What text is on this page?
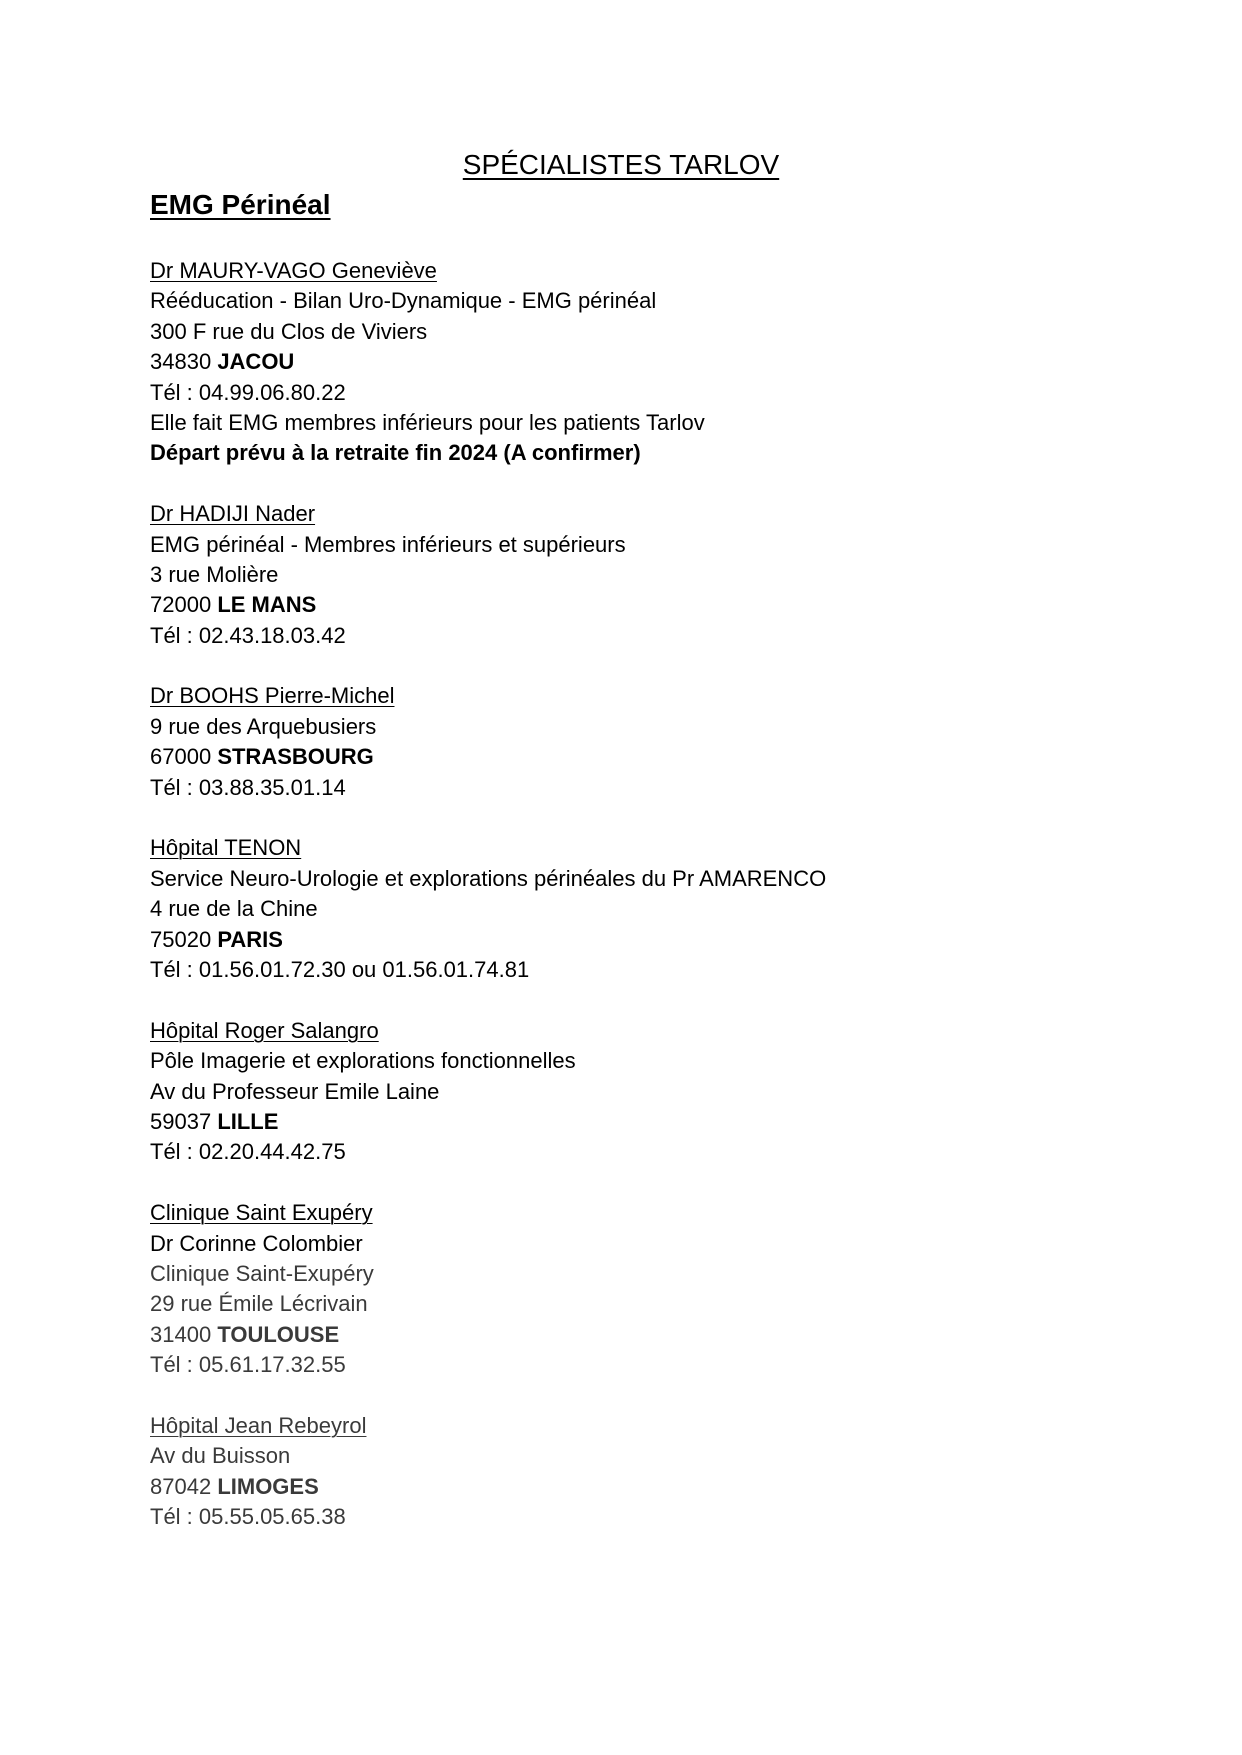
SPÉCIALISTES TARLOV
EMG Périnéal
Dr MAURY-VAGO Geneviève
Rééducation - Bilan Uro-Dynamique - EMG périnéal
300 F rue du Clos de Viviers
34830 JACOU
Tél : 04.99.06.80.22
Elle fait EMG membres inférieurs pour les patients Tarlov
Départ prévu à la retraite fin 2024 (A confirmer)
Dr HADIJI Nader
EMG périnéal - Membres inférieurs et supérieurs
3 rue Molière
72000 LE MANS
Tél : 02.43.18.03.42
Dr BOOHS Pierre-Michel
9 rue des Arquebusiers
67000 STRASBOURG
Tél : 03.88.35.01.14
Hôpital TENON
Service Neuro-Urologie et explorations périnéales du Pr AMARENCO
4 rue de la Chine
75020 PARIS
Tél : 01.56.01.72.30 ou 01.56.01.74.81
Hôpital Roger Salangro
Pôle Imagerie et explorations fonctionnelles
Av du Professeur Emile Laine
59037 LILLE
Tél : 02.20.44.42.75
Clinique Saint Exupéry
Dr Corinne Colombier
Clinique Saint-Exupéry
29 rue Émile Lécrivain
31400 TOULOUSE
Tél : 05.61.17.32.55
Hôpital Jean Rebeyrol
Av du Buisson
87042 LIMOGES
Tél : 05.55.05.65.38
